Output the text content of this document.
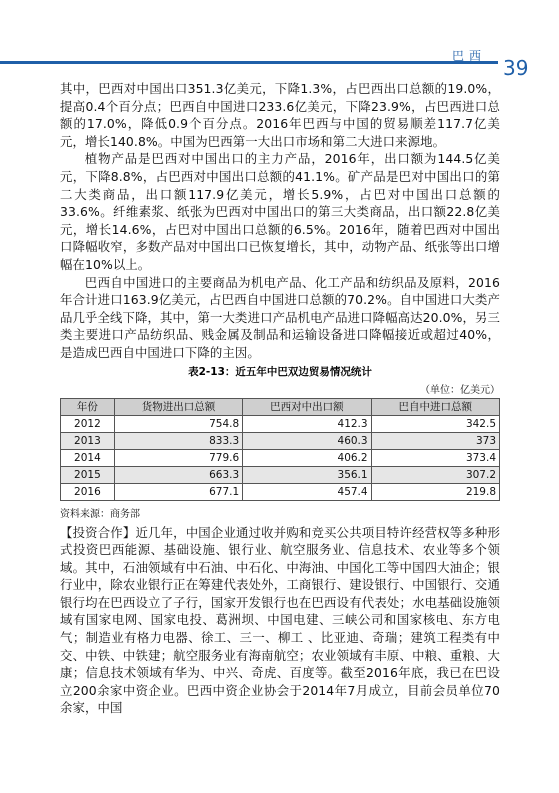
巴西 39

其中，巴西对中国出口351.3亿美元，下降1.3%，占巴西出口总额的19.0%，提高0.4个百分点；巴西自中国进口233.6亿美元，下降23.9%，占巴西进口总额的17.0%，降低0.9个百分点。2016年巴西与中国的贸易顺差117.7亿美元，增长140.8%。中国为巴西第一大出口市场和第二大进口来源地。

植物产品是巴西对中国出口的主力产品，2016年，出口额为144.5亿美元，下降8.8%，占巴西对中国出口总额的41.1%。矿产品是巴对中国出口的第二大类商品，出口额117.9亿美元，增长5.9%，占巴对中国出口总额的33.6%。纤维素浆、纸张为巴西对中国出口的第三大类商品，出口额22.8亿美元，增长14.6%，占巴对中国出口总额的6.5%。2016年，随着巴西对中国出口降幅收窄，多数产品对中国出口已恢复增长，其中，动物产品、纸张等出口增幅在10%以上。

巴西自中国进口的主要商品为机电产品、化工产品和纺织品及原料，2016年合计进口163.9亿美元，占巴西自中国进口总额的70.2%。自中国进口大类产品几乎全线下降，其中，第一大类进口产品机电产品进口降幅高达20.0%，另三类主要进口产品纺织品、贱金属及制品和运输设备进口降幅接近或超过40%，是造成巴西自中国进口下降的主因。

表2-13：近五年中巴双边贸易情况统计
（单位：亿美元）
年份	货物进出口总额	巴西对中出口额	巴自中进口总额
2012	754.8	412.3	342.5
2013	833.3	460.3	373
2014	779.6	406.2	373.4
2015	663.3	356.1	307.2
2016	677.1	457.4	219.8
资料来源：商务部

【投资合作】近几年，中国企业通过收并购和竞买公共项目特许经营权等多种形式投资巴西能源、基础设施、银行业、航空服务业、信息技术、农业等多个领域。其中，石油领域有中石油、中石化、中海油、中国化工等中国四大油企；银行业中，除农业银行正在筹建代表处外，工商银行、建设银行、中国银行、交通银行均在巴西设立了子行，国家开发银行也在巴西设有代表处；水电基础设施领域有国家电网、国家电投、葛洲坝、中国电建、三峡公司和国家核电、东方电气；制造业有格力电器、徐工、三一、柳工 、比亚迪、奇瑞；建筑工程类有中交、中铁、中铁建；航空服务业有海南航空；农业领域有丰原、中粮、重粮、大康；信息技术领域有华为、中兴、奇虎、百度等。截至2016年底，我已在巴设立200余家中资企业。巴西中资企业协会于2014年7月成立，目前会员单位70余家，中国
